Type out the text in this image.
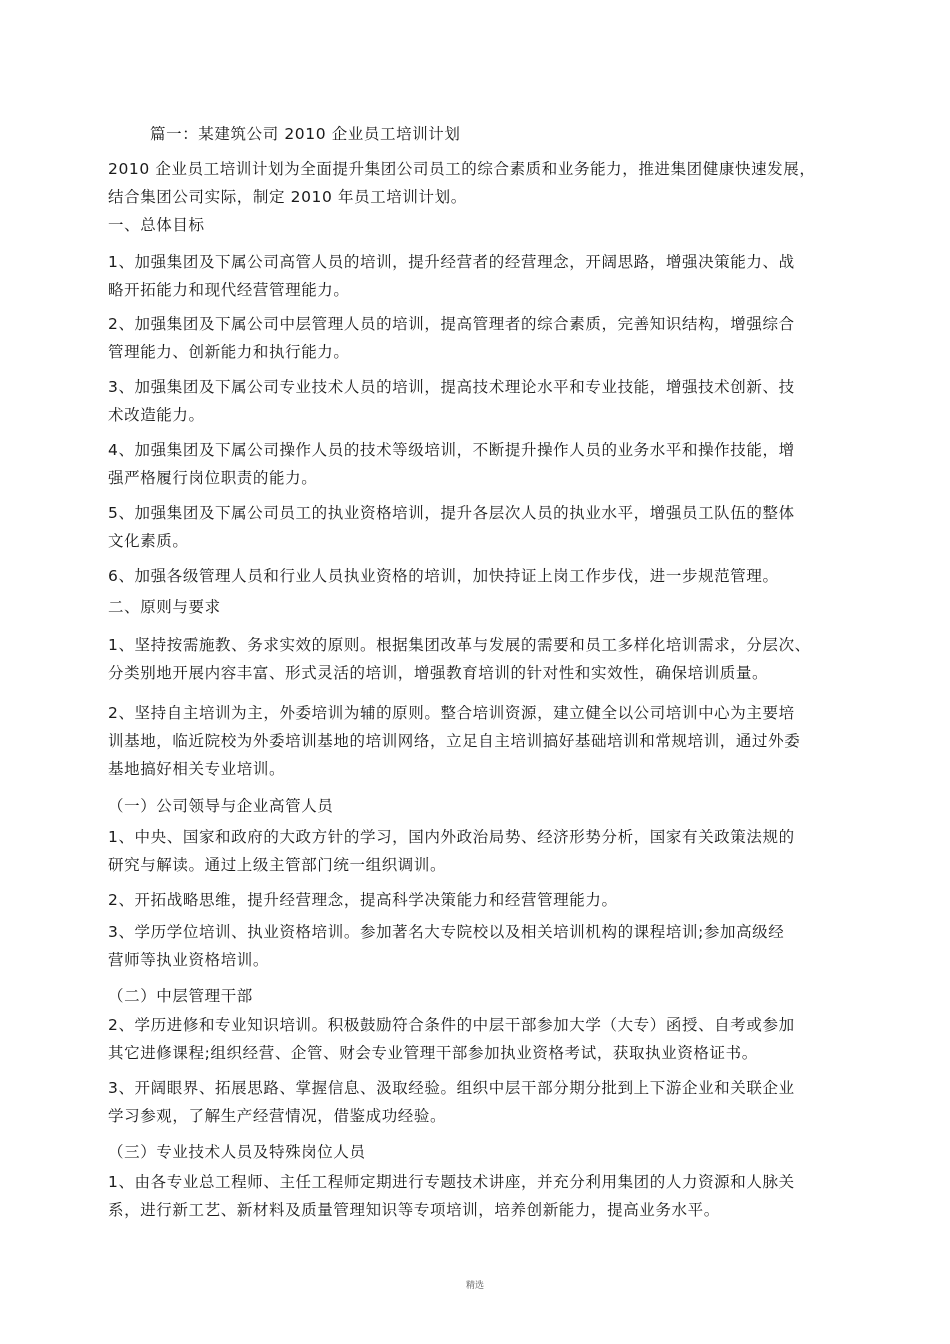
篇一：某建筑公司 2010 企业员工培训计划
2010 企业员工培训计划为全面提升集团公司员工的综合素质和业务能力，推进集团健康快速发展，
结合集团公司实际，制定 2010 年员工培训计划。
一、总体目标
1、加强集团及下属公司高管人员的培训，提升经营者的经营理念，开阔思路，增强决策能力、战
略开拓能力和现代经营管理能力。
2、加强集团及下属公司中层管理人员的培训，提高管理者的综合素质，完善知识结构，增强综合
管理能力、创新能力和执行能力。
3、加强集团及下属公司专业技术人员的培训，提高技术理论水平和专业技能，增强技术创新、技
术改造能力。
4、加强集团及下属公司操作人员的技术等级培训，不断提升操作人员的业务水平和操作技能，增
强严格履行岗位职责的能力。
5、加强集团及下属公司员工的执业资格培训，提升各层次人员的执业水平，增强员工队伍的整体
文化素质。
6、加强各级管理人员和行业人员执业资格的培训，加快持证上岗工作步伐，进一步规范管理。
二、原则与要求
1、坚持按需施教、务求实效的原则。根据集团改革与发展的需要和员工多样化培训需求，分层次、
分类别地开展内容丰富、形式灵活的培训，增强教育培训的针对性和实效性，确保培训质量。
2、坚持自主培训为主，外委培训为辅的原则。整合培训资源，建立健全以公司培训中心为主要培
训基地，临近院校为外委培训基地的培训网络，立足自主培训搞好基础培训和常规培训，通过外委
基地搞好相关专业培训。
（一）公司领导与企业高管人员
1、中央、国家和政府的大政方针的学习，国内外政治局势、经济形势分析，国家有关政策法规的
研究与解读。通过上级主管部门统一组织调训。
2、开拓战略思维，提升经营理念，提高科学决策能力和经营管理能力。
3、学历学位培训、执业资格培训。参加著名大专院校以及相关培训机构的课程培训;参加高级经
营师等执业资格培训。
（二）中层管理干部
2、学历进修和专业知识培训。积极鼓励符合条件的中层干部参加大学（大专）函授、自考或参加
其它进修课程;组织经营、企管、财会专业管理干部参加执业资格考试，获取执业资格证书。
3、开阔眼界、拓展思路、掌握信息、汲取经验。组织中层干部分期分批到上下游企业和关联企业
学习参观，了解生产经营情况，借鉴成功经验。
（三）专业技术人员及特殊岗位人员
1、由各专业总工程师、主任工程师定期进行专题技术讲座，并充分利用集团的人力资源和人脉关
系，进行新工艺、新材料及质量管理知识等专项培训，培养创新能力，提高业务水平。
精选
